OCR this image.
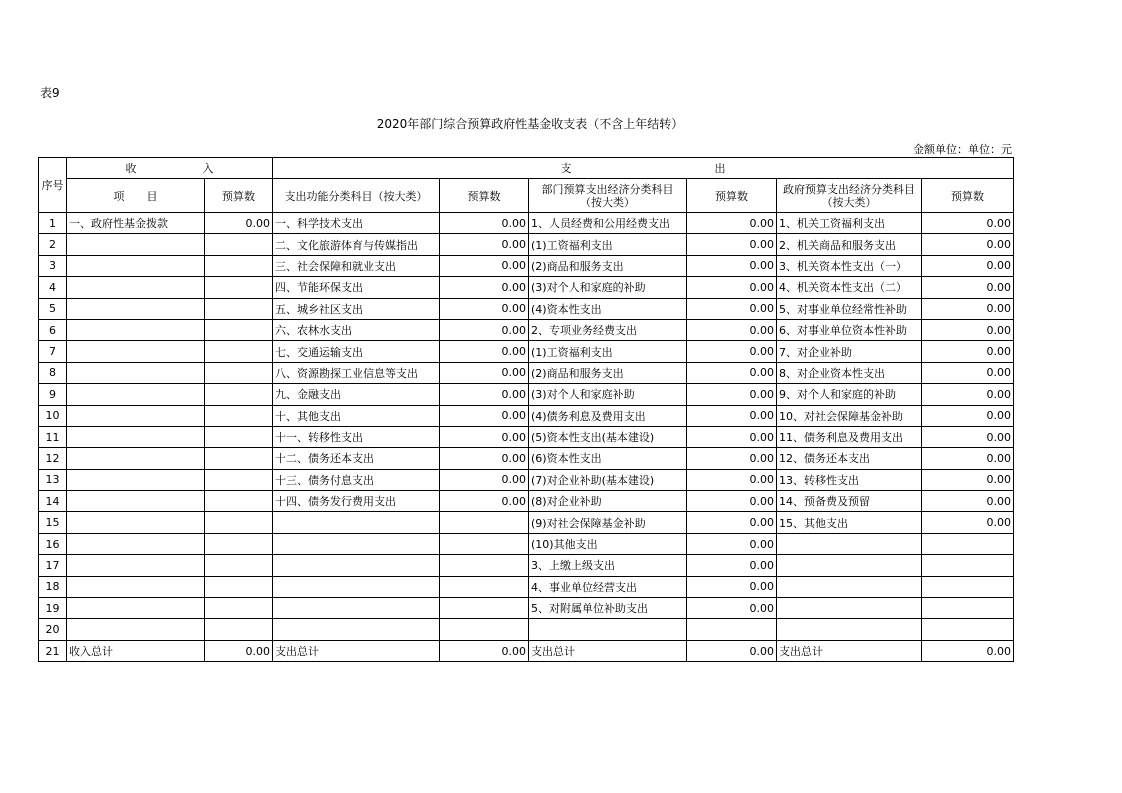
表9
2020年部门综合预算政府性基金收支表（不含上年结转）
金额单位：单位：元
序号	收　　　　　　入		支　　　　　　　　　　　　　出					
	项　　目	预算数	支出功能分类科目（按大类）	预算数	部门预算支出经济分类科目（按大类）	预算数	政府预算支出经济分类科目（按大类）	预算数
1	一、政府性基金拨款	0.00	一、科学技术支出	0.00	1、人员经费和公用经费支出	0.00	1、机关工资福利支出	0.00
2			二、文化旅游体育与传媒指出	0.00	(1)工资福利支出	0.00	2、机关商品和服务支出	0.00
3			三、社会保障和就业支出	0.00	(2)商品和服务支出	0.00	3、机关资本性支出（一）	0.00
4			四、节能环保支出	0.00	(3)对个人和家庭的补助	0.00	4、机关资本性支出（二）	0.00
5			五、城乡社区支出	0.00	(4)资本性支出	0.00	5、对事业单位经常性补助	0.00
6			六、农林水支出	0.00	2、专项业务经费支出	0.00	6、对事业单位资本性补助	0.00
7			七、交通运输支出	0.00	(1)工资福利支出	0.00	7、对企业补助	0.00
8			八、资源勘探工业信息等支出	0.00	(2)商品和服务支出	0.00	8、对企业资本性支出	0.00
9			九、金融支出	0.00	(3)对个人和家庭补助	0.00	9、对个人和家庭的补助	0.00
10			十、其他支出	0.00	(4)债务利息及费用支出	0.00	10、对社会保障基金补助	0.00
11			十一、转移性支出	0.00	(5)资本性支出(基本建设)	0.00	11、债务利息及费用支出	0.00
12			十二、债务还本支出	0.00	(6)资本性支出	0.00	12、债务还本支出	0.00
13			十三、债务付息支出	0.00	(7)对企业补助(基本建设)	0.00	13、转移性支出	0.00
14			十四、债务发行费用支出	0.00	(8)对企业补助	0.00	14、预备费及预留	0.00
15					(9)对社会保障基金补助	0.00	15、其他支出	0.00
16					(10)其他支出	0.00		
17					3、上缴上级支出	0.00		
18					4、事业单位经营支出	0.00		
19					5、对附属单位补助支出	0.00		
20								
21	收入总计	0.00	支出总计	0.00	支出总计	0.00	支出总计	0.00
